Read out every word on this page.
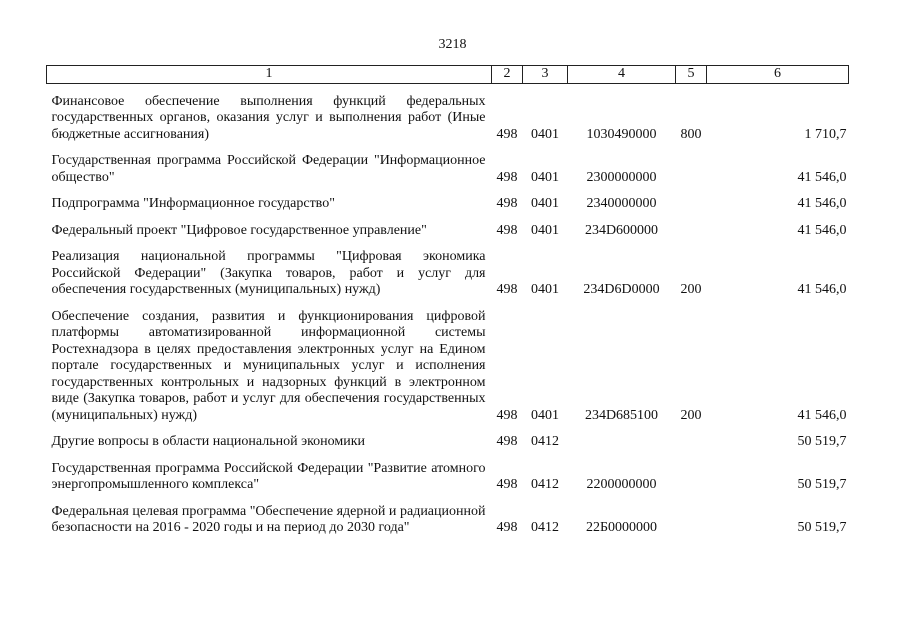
3218
1	2	3	4	5	6
Финансовое обеспечение выполнения функций федеральных государственных органов, оказания услуг и выполнения работ (Иные бюджетные ассигнования)	498	0401	1030490000	800	1 710,7
Государственная программа Российской Федерации "Информационное общество"	498	0401	2300000000		41 546,0
Подпрограмма "Информационное государство"	498	0401	2340000000		41 546,0
Федеральный проект "Цифровое государственное управление"	498	0401	234D600000		41 546,0
Реализация национальной программы "Цифровая экономика Российской Федерации" (Закупка товаров, работ и услуг для обеспечения государственных (муниципальных) нужд)	498	0401	234D6D0000	200	41 546,0
Обеспечение создания, развития и функционирования цифровой платформы автоматизированной информационной системы Ростехнадзора в целях предоставления электронных услуг на Едином портале государственных и муниципальных услуг и исполнения государственных контрольных и надзорных функций в электронном виде (Закупка товаров, работ и услуг для обеспечения государственных (муниципальных) нужд)	498	0401	234D685100	200	41 546,0
Другие вопросы в области национальной экономики	498	0412			50 519,7
Государственная программа Российской Федерации "Развитие атомного энергопромышленного комплекса"	498	0412	2200000000		50 519,7
Федеральная целевая программа "Обеспечение ядерной и радиационной безопасности на 2016 - 2020 годы и на период до 2030 года"	498	0412	22Б0000000		50 519,7
